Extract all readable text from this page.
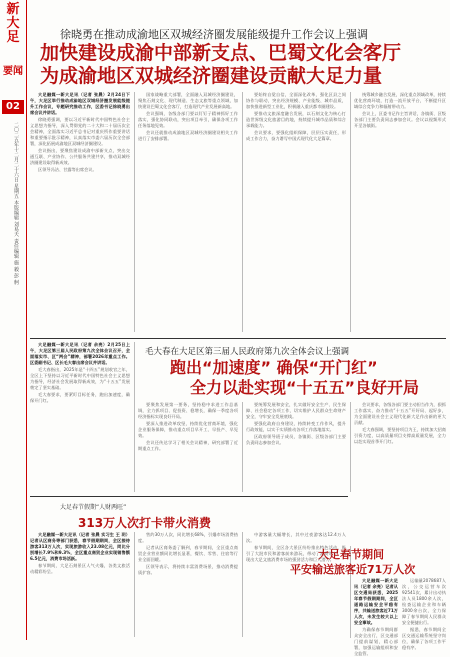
新大足
要闻
02
二〇二五年十二月二十六日 星期五 本版编辑 刘易天 责任编辑 施 毅 彭 舸
徐晓勇在推动成渝地区双城经济圈发展能级提升工作会议上强调
加快建设成渝中部新支点、巴蜀文化会客厅
为成渝地区双城经济圈建设贡献大足力量

大足融媒一新大足讯（记者 张晨）2月24日下午，大足区举行推动成渝地区双城经济圈发展能级提升工作会议，专题研究推动工作，区委书记徐晓勇出席会议并讲话。

徐晓勇强调，要以习近平新时代中国特色社会主义思想为指导，深入贯彻党的二十大和二十届历次全会精神，全面落实习近平总书记对重庆所作重要讲话和重要指示批示精神，认真落实市委六届历次全会部署，深化拓展成渝地区双城经济圈建设。

会议指出，要聚焦建设成渝中部新支点，突出交通互联、产业协作、公共服务共建共享，推动双城经济圈建设取得新成效。

区领导冯洁、甘露等出席会议。

国家战略重大部署，全面融入双城经济圈建设，聚焦石刻文化、现代制造、生态文旅等重点领域，加快建设巴蜀文化会客厅，打造现代产业发展新高地。

会议强调，各级各部门要以钉钉子精神抓好工作落实，强化协同联动，突出项目牵引，确保各项工作任务落地见效。

会议还就推动成渝地区双城经济圈建设相关工作进行了安排部署。

要始终自觉自信，全面深化改革，强化区县之间协作与联动，突出经济规模、产业能级、城市品质，加快推进新型工业化，积极融入重庆都市圈建设。

要推动文旅深度融合发展，以石刻文化为核心打造世界级文化旅游目的地，持续提升城市品质和综合承载能力。

会议要求，要强化组织保障，层层压实责任，形成工作合力，奋力谱写中国式现代化大足篇章。

统筹城乡融合发展，深化重点领域改革，持续优化营商环境，打造一流开放平台，不断提升区域综合竞争力和辐射带动力。

会议上，区委书记作主旨讲话，各镇街、区级各部门主要负责同志参加会议。会议以视频形式开至各镇街。

大足融媒一新大足讯（记者 余亮）2月25日上午，大足区第三届人民政府第九次全体会议召开，全面落实市、区“两会”精神，部署2026年重点工作。区委副书记、区长毛大春出席会议并讲话。

毛大春指出，2025年是“十四五”规划收官之年，全区上下坚持以习近平新时代中国特色社会主义思想为指导，经济社会发展取得新成效，为“十五五”发展奠定了坚实基础。

毛大春要求，要紧盯目标任务，跑出加速度，确保开门红。

毛大春在大足区第三届人民政府第九次全体会议上强调
跑出“加速度” 确保“开门红”
全力以赴实现“十五五”良好开局

要聚焦发展第一要务，坚持稳中求进工作总基调，全力抓项目、促投资、稳增长，确保一季度各项经济指标实现良好开局。

要深入推进改革攻坚，持续优化营商环境，强化企业服务保障，推动重点项目早开工、早投产、早见效。

会议还传达学习了相关会议精神，研究部署了近期重点工作。

要统筹发展和安全，扎实做好安全生产、民生保障、社会稳定各项工作，切实维护人民群众生命财产安全，守牢安全发展底线。

要强化政府自身建设，持续转变工作作风，提升行政效能，以实干实绩推动各项工作落地落实。

区政府领导班子成员，各镇街、区级各部门主要负责同志参加会议。

会议要求，各级各部门要主动担当作为，狠抓工作落实，奋力推动“十五五”开好局、起好步，为全面建设社会主义现代化新大足作出新的更大贡献。

毛大春强调，要坚持项目为王，持续加大招商引资力度，以高质量项目支撑高质量发展，全力以赴实现首季开门红。

大足春节假期“人财两旺”
313万人次打卡带火消费

大足融媒一新大足讯（记者 张晨 实习生 王 玥）记者从区商务等部门获悉，春节假期期间，全区接待游客313万人次，实现旅游收入23.08亿元，同比分别增长7.9%和9.3%，全区重点商贸企业实现销售额6.5亿元，消费市场活跃。

春节期间，大足石刻景区人气火爆，各类文旅活动精彩纷呈。

售约30万人次，同比增长68%，引爆市场消费热度。

记者从区商务委了解到，春节期间，全区重点商贸企业营业额同比增长显著，餐饮、零售、住宿等行业全面回暖。

区领导表示，将持续丰富消费场景，推动消费提质扩容。

中游客量大幅增长，其中过夜游客达12.4万人次。

春节期间，全区各大景区纷纷推出特色活动，吸引了大批市民和游客前来游玩，带动了消费增长，展现出大足文旅消费市场的强劲活力和巨大潜力。

大足春节期间
平安输送旅客近71万人次

大足融媒一新大足讯（记者 余亮）记者从区交通局获悉，2025年春节假期期间，全区道路运输安全平稳有序，共输送旅客近71万人次，未发生较大以上安全事故。

为确保春节期间群众安全出行，区交通部门提前谋划，精心部署，加强运输组织和安全监管。

运输量2078687人次，公交运营车次92541次，累计出动执法人员1800余人次，检查运输企业和车辆3000余台次，全力保障了春节期间人民群众安全便捷出行。

据悉，春节期间全区交通运输系统坚守岗位，确保了各项工作平稳有序。
